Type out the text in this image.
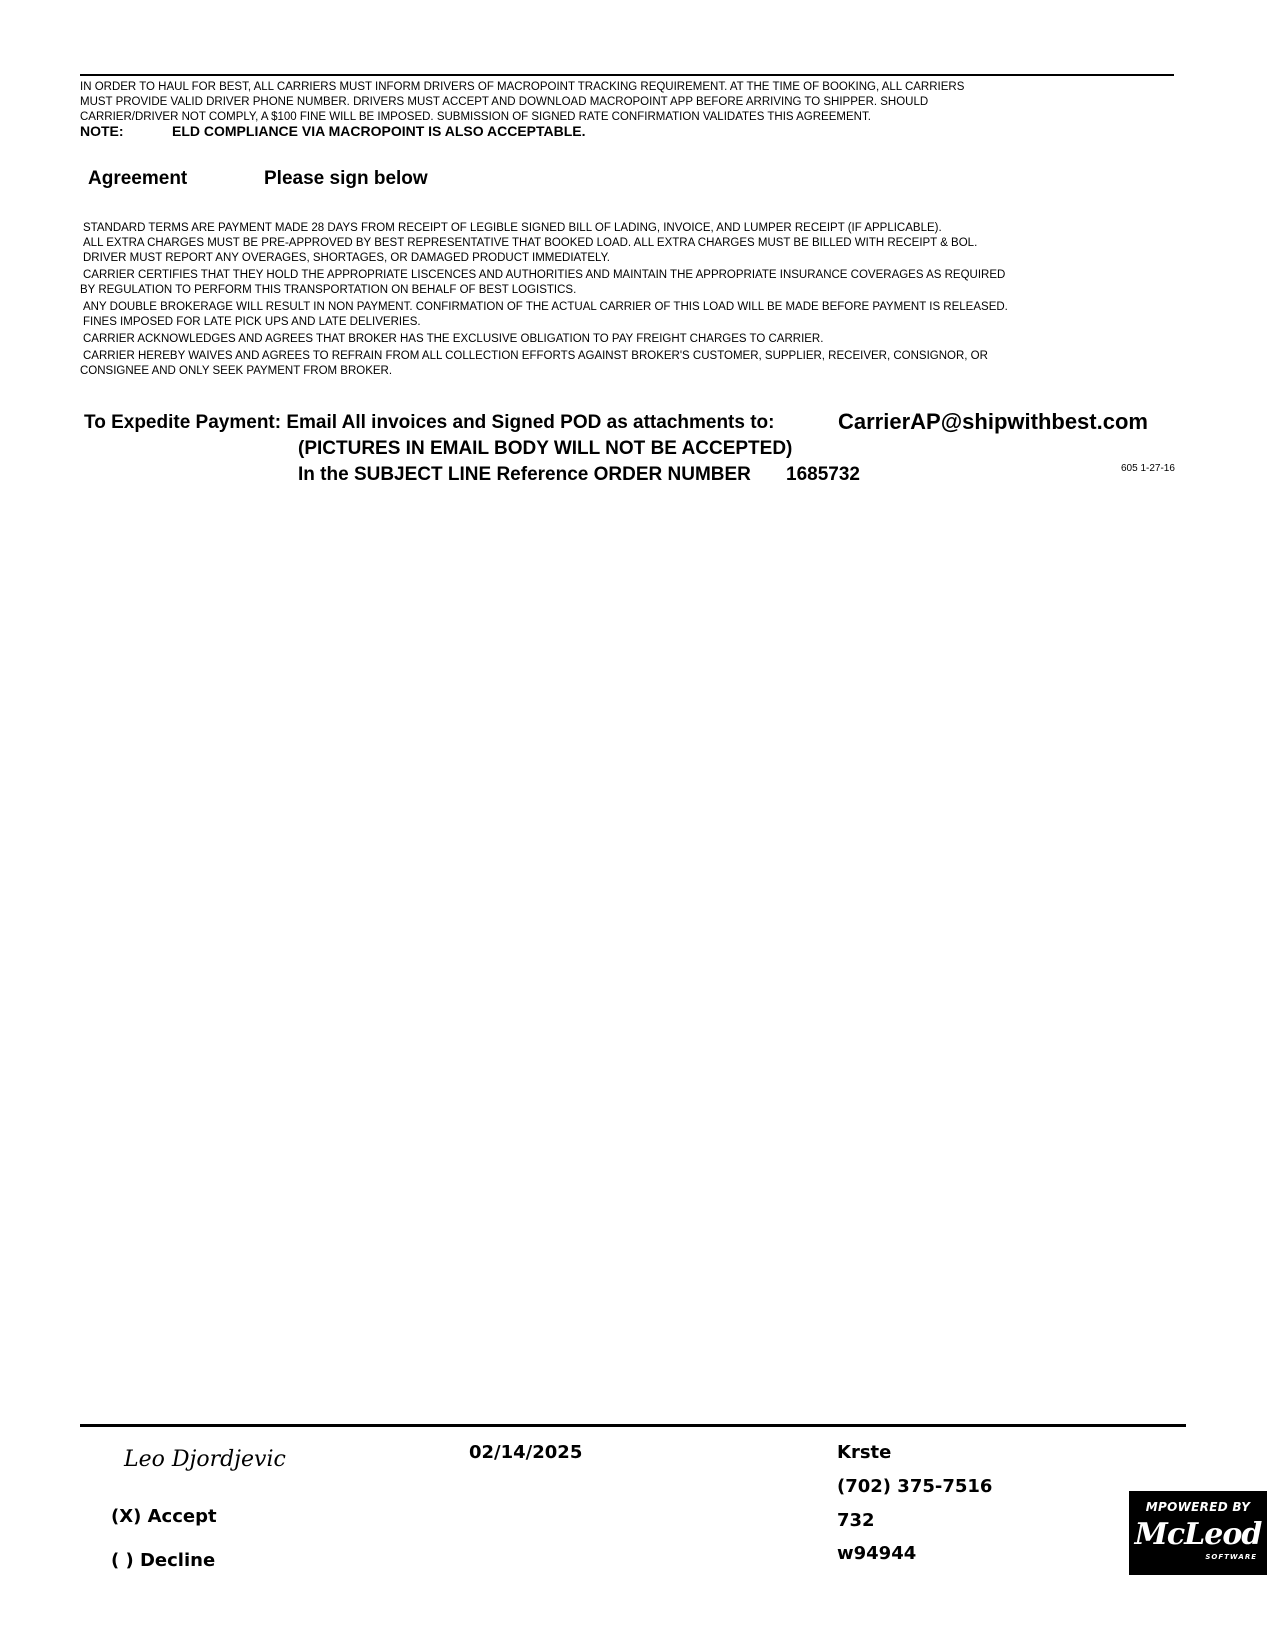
IN ORDER TO HAUL FOR BEST, ALL CARRIERS MUST INFORM DRIVERS OF MACROPOINT TRACKING REQUIREMENT. AT THE TIME OF BOOKING, ALL CARRIERS
MUST PROVIDE VALID DRIVER PHONE NUMBER. DRIVERS MUST ACCEPT AND DOWNLOAD MACROPOINT APP BEFORE ARRIVING TO SHIPPER. SHOULD
CARRIER/DRIVER NOT COMPLY, A $100 FINE WILL BE IMPOSED. SUBMISSION OF SIGNED RATE CONFIRMATION VALIDATES THIS AGREEMENT.
NOTE:	ELD COMPLIANCE VIA MACROPOINT IS ALSO ACCEPTABLE.
Agreement	Please sign below
STANDARD TERMS ARE PAYMENT MADE 28 DAYS FROM RECEIPT OF LEGIBLE SIGNED BILL OF LADING, INVOICE, AND LUMPER RECEIPT (IF APPLICABLE).
ALL EXTRA CHARGES MUST BE PRE-APPROVED BY BEST REPRESENTATIVE THAT BOOKED LOAD. ALL EXTRA CHARGES MUST BE BILLED WITH RECEIPT & BOL.
DRIVER MUST REPORT ANY OVERAGES, SHORTAGES, OR DAMAGED PRODUCT IMMEDIATELY.
CARRIER CERTIFIES THAT THEY HOLD THE APPROPRIATE LISCENCES AND AUTHORITIES AND MAINTAIN THE APPROPRIATE INSURANCE COVERAGES AS REQUIRED
BY REGULATION TO PERFORM THIS TRANSPORTATION ON BEHALF OF BEST LOGISTICS.
ANY DOUBLE BROKERAGE WILL RESULT IN NON PAYMENT. CONFIRMATION OF THE ACTUAL CARRIER OF THIS LOAD WILL BE MADE BEFORE PAYMENT IS RELEASED.
FINES IMPOSED FOR LATE PICK UPS AND LATE DELIVERIES.
CARRIER ACKNOWLEDGES AND AGREES THAT BROKER HAS THE EXCLUSIVE OBLIGATION TO PAY FREIGHT CHARGES TO CARRIER.
CARRIER HEREBY WAIVES AND AGREES TO REFRAIN FROM ALL COLLECTION EFFORTS AGAINST BROKER'S CUSTOMER, SUPPLIER, RECEIVER, CONSIGNOR, OR
CONSIGNEE AND ONLY SEEK PAYMENT FROM BROKER.
To Expedite Payment: Email All invoices and Signed POD as attachments to:	CarrierAP@shipwithbest.com
(PICTURES IN EMAIL BODY WILL NOT BE ACCEPTED)
In the SUBJECT LINE Reference ORDER NUMBER 1685732	605 1-27-16
Leo Djordjevic	02/14/2025
(X) Accept
( ) Decline
Krste
(702) 375-7516
732
w94944
MPOWERED BY
McLeod
SOFTWARE
